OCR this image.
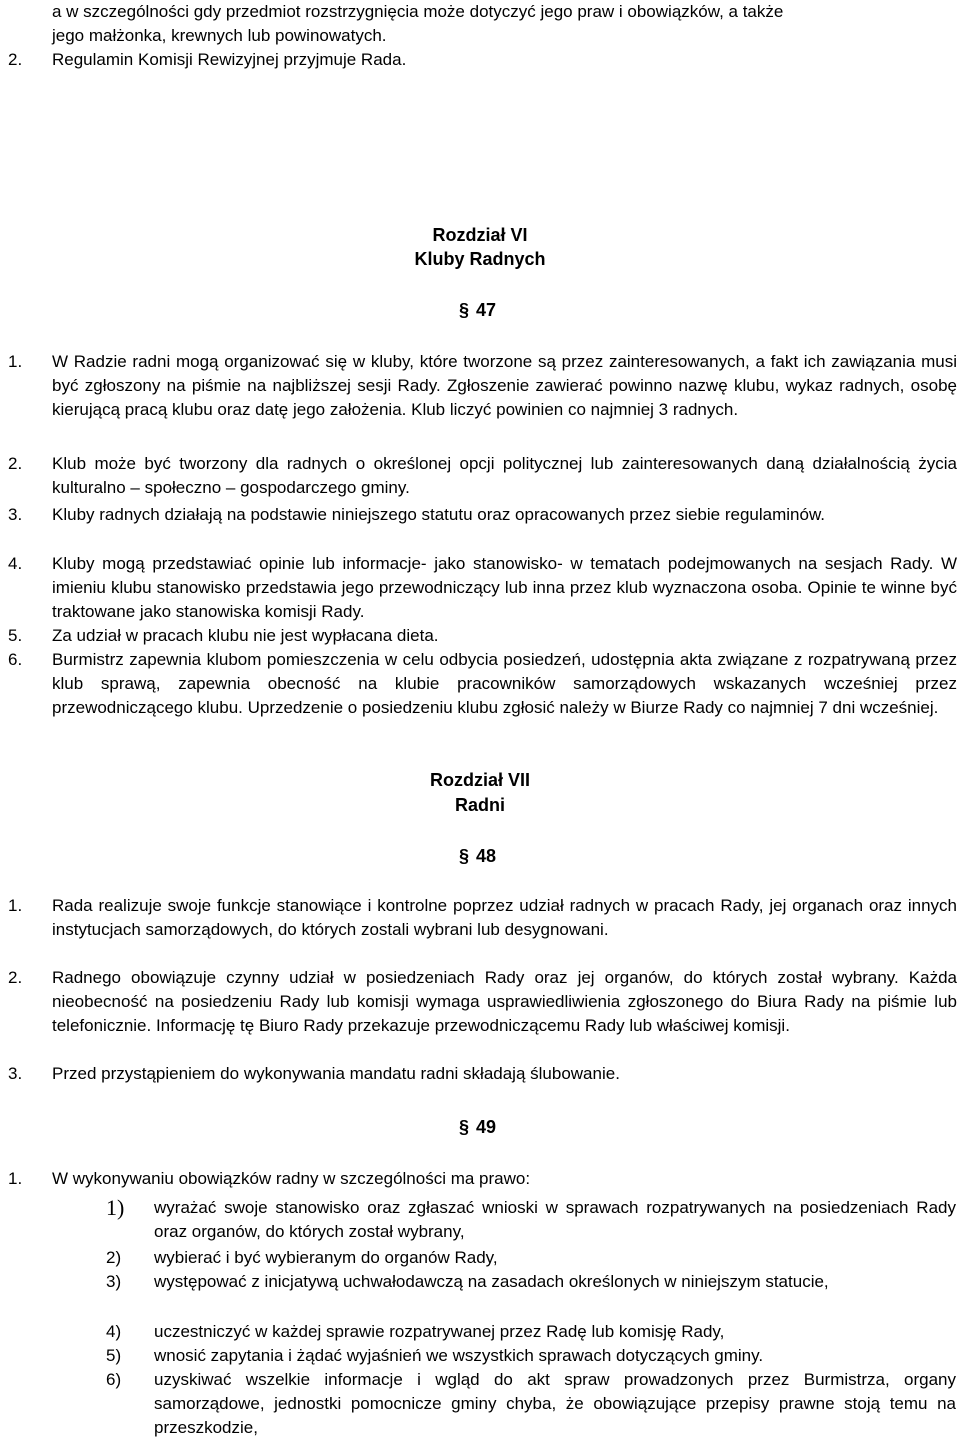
a w szczególności gdy przedmiot rozstrzygnięcia może dotyczyć jego praw i obowiązków, a także
jego małżonka, krewnych lub powinowatych.
2.	Regulamin Komisji Rewizyjnej przyjmuje Rada.
Rozdział VI
Kluby Radnych
§ 47
1.	W Radzie radni mogą organizować się w kluby, które tworzone są przez zainteresowanych, a fakt ich zawiązania musi być zgłoszony na piśmie na najbliższej sesji Rady. Zgłoszenie zawierać powinno nazwę klubu, wykaz radnych, osobę kierującą pracą klubu oraz datę jego założenia. Klub liczyć powinien co najmniej 3 radnych.
2.	Klub może być tworzony dla radnych o określonej opcji politycznej lub zainteresowanych daną działalnością życia kulturalno – społeczno – gospodarczego gminy.
3.	Kluby radnych działają na podstawie niniejszego statutu oraz opracowanych przez siebie regulaminów.
4.	Kluby mogą przedstawiać opinie lub informacje- jako stanowisko- w tematach podejmowanych na sesjach Rady. W imieniu klubu stanowisko przedstawia jego przewodniczący lub inna przez klub wyznaczona osoba. Opinie te winne być traktowane jako stanowiska komisji Rady.
5.	Za udział w pracach klubu nie jest wypłacana dieta.
6.	Burmistrz zapewnia klubom pomieszczenia w celu odbycia posiedzeń, udostępnia akta związane z rozpatrywaną przez klub sprawą, zapewnia obecność na klubie pracowników samorządowych wskazanych wcześniej przez przewodniczącego klubu. Uprzedzenie o posiedzeniu klubu zgłosić należy w Biurze Rady co najmniej 7 dni wcześniej.
Rozdział VII
Radni
§ 48
1.	Rada realizuje swoje funkcje stanowiące i kontrolne poprzez udział radnych w pracach Rady, jej organach oraz innych instytucjach samorządowych, do których zostali wybrani lub desygnowani.
2.	Radnego obowiązuje czynny udział w posiedzeniach Rady oraz jej organów, do których został wybrany. Każda nieobecność na posiedzeniu Rady lub komisji wymaga usprawiedliwienia zgłoszonego do Biura Rady na piśmie lub telefonicznie. Informację tę Biuro Rady przekazuje przewodniczącemu Rady lub właściwej komisji.
3.	Przed przystąpieniem do wykonywania mandatu radni składają ślubowanie.
§ 49
1.	W wykonywaniu obowiązków radny w szczególności ma prawo:
1)	wyrażać swoje stanowisko oraz zgłaszać wnioski w sprawach rozpatrywanych na posiedzeniach Rady oraz organów, do których został wybrany,
2)	wybierać i być wybieranym do organów Rady,
3)	występować z inicjatywą uchwałodawczą na zasadach określonych w niniejszym statucie,
4)	uczestniczyć w każdej sprawie rozpatrywanej przez Radę lub komisję Rady,
5)	wnosić zapytania i żądać wyjaśnień we wszystkich sprawach dotyczących gminy.
6)	uzyskiwać wszelkie informacje i wgląd do akt spraw prowadzonych przez Burmistrza, organy samorządowe, jednostki pomocnicze gminy chyba, że obowiązujące przepisy prawne stoją temu na przeszkodzie,
